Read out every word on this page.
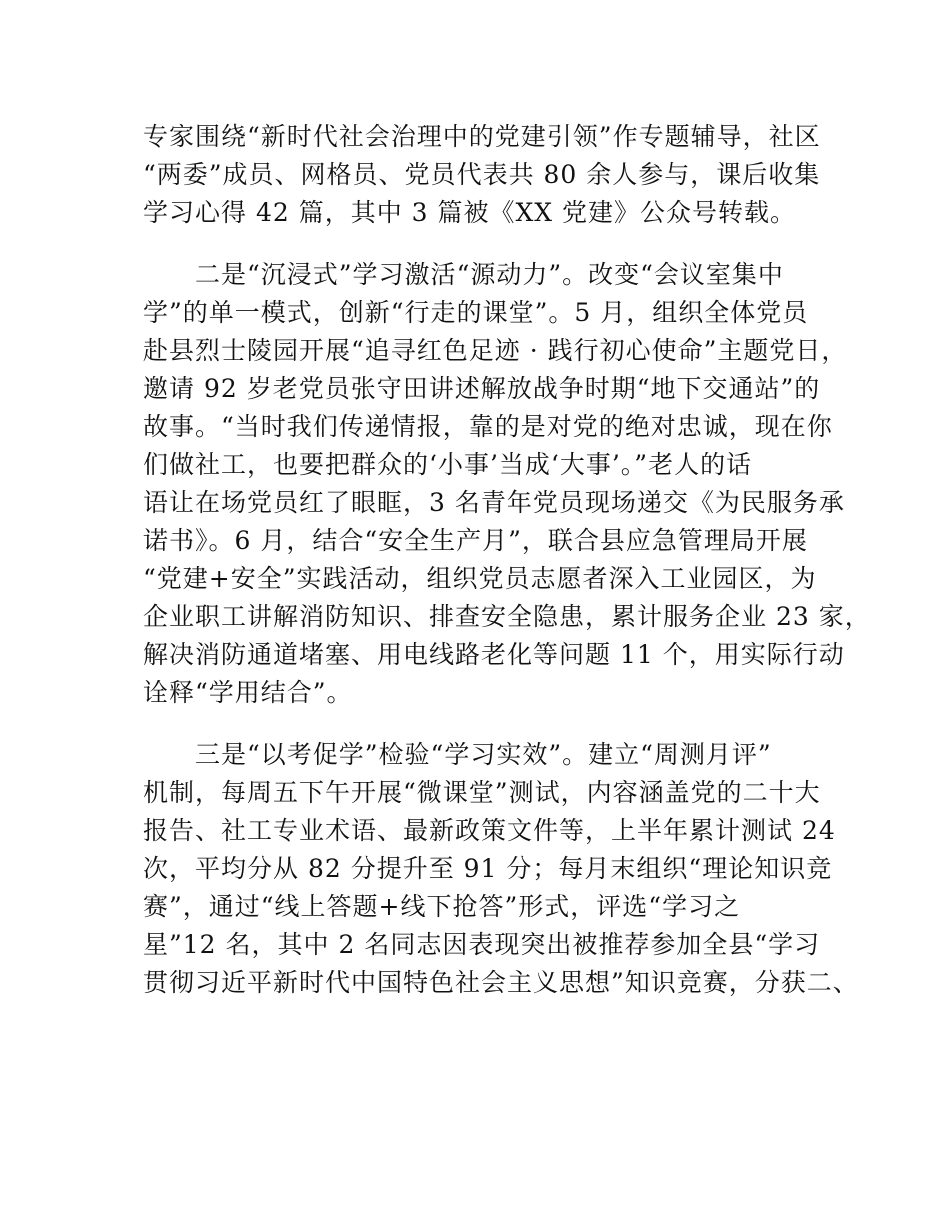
专家围绕“新时代社会治理中的党建引领”作专题辅导，社区
“两委”成员、网格员、党员代表共 80 余人参与，课后收集
学习心得 42 篇，其中 3 篇被《XX 党建》公众号转载。
　　二是“沉浸式”学习激活“源动力”。改变“会议室集中
学”的单一模式，创新“行走的课堂”。5 月，组织全体党员
赴县烈士陵园开展“追寻红色足迹 · 践行初心使命”主题党日，
邀请 92 岁老党员张守田讲述解放战争时期“地下交通站”的
故事。“当时我们传递情报，靠的是对党的绝对忠诚，现在你
们做社工，也要把群众的‘小事’当成‘大事’。”老人的话
语让在场党员红了眼眶，3 名青年党员现场递交《为民服务承
诺书》。6 月，结合“安全生产月”，联合县应急管理局开展
“党建+安全”实践活动，组织党员志愿者深入工业园区，为
企业职工讲解消防知识、排查安全隐患，累计服务企业 23 家，
解决消防通道堵塞、用电线路老化等问题 11 个，用实际行动
诠释“学用结合”。
　　三是“以考促学”检验“学习实效”。建立“周测月评”
机制，每周五下午开展“微课堂”测试，内容涵盖党的二十大
报告、社工专业术语、最新政策文件等，上半年累计测试 24
次，平均分从 82 分提升至 91 分；每月末组织“理论知识竞
赛”，通过“线上答题+线下抢答”形式，评选“学习之
星”12 名，其中 2 名同志因表现突出被推荐参加全县“学习
贯彻习近平新时代中国特色社会主义思想”知识竞赛，分获二、
